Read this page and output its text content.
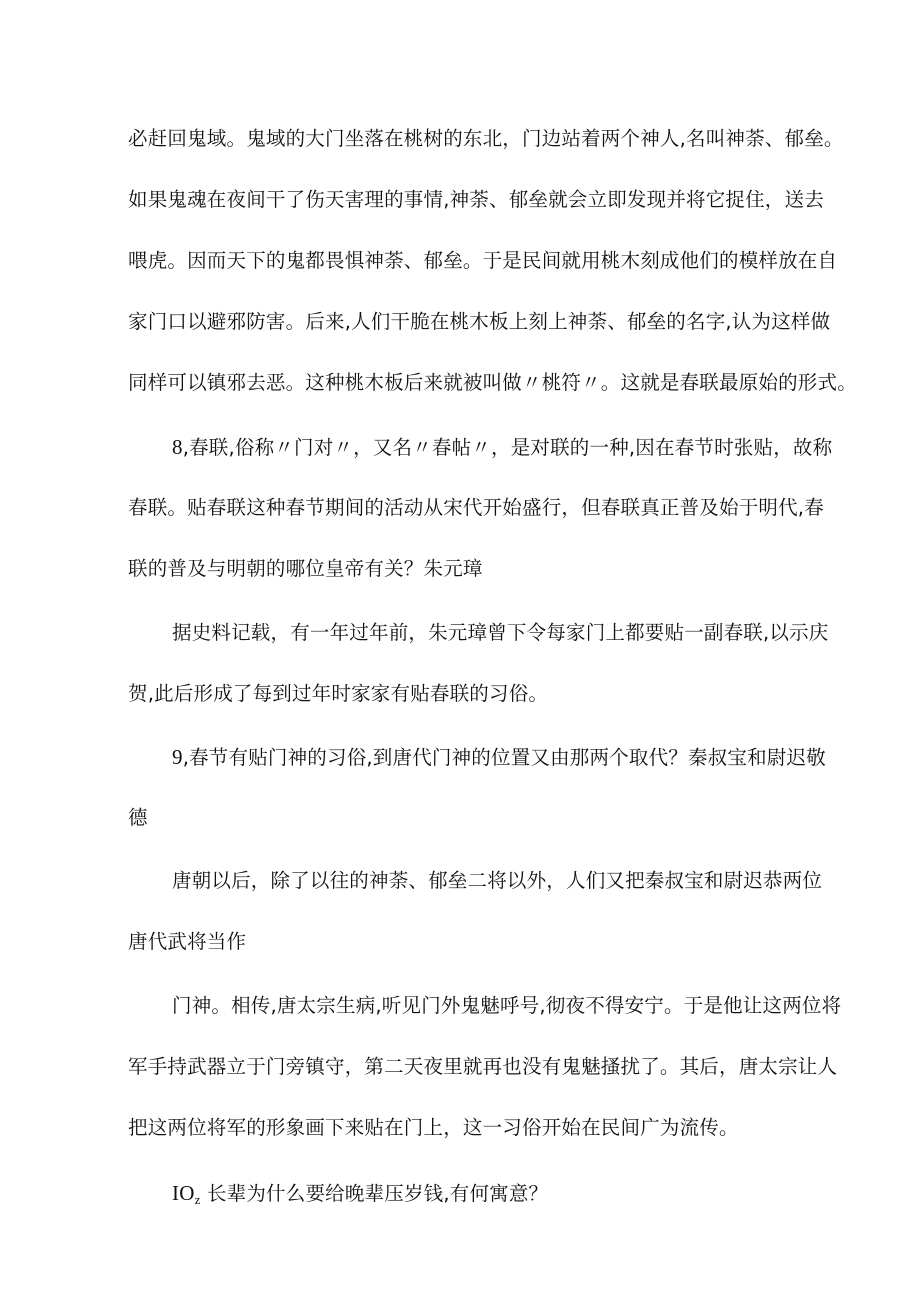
必赶回鬼域。鬼域的大门坐落在桃树的东北，门边站着两个神人,名叫神荼、郁垒。
如果鬼魂在夜间干了伤天害理的事情,神荼、郁垒就会立即发现并将它捉住，送去
喂虎。因而天下的鬼都畏惧神荼、郁垒。于是民间就用桃木刻成他们的模样放在自
家门口以避邪防害。后来,人们干脆在桃木板上刻上神荼、郁垒的名字,认为这样做
同样可以镇邪去恶。这种桃木板后来就被叫做〃桃符〃。这就是春联最原始的形式。
8,春联,俗称〃门对〃，又名〃春帖〃，是对联的一种,因在春节时张贴，故称
春联。贴春联这种春节期间的活动从宋代开始盛行，但春联真正普及始于明代,春
联的普及与明朝的哪位皇帝有关？朱元璋
据史料记载，有一年过年前，朱元璋曾下令每家门上都要贴一副春联,以示庆
贺,此后形成了每到过年时家家有贴春联的习俗。
9,春节有贴门神的习俗,到唐代门神的位置又由那两个取代？秦叔宝和尉迟敬
德
唐朝以后，除了以往的神荼、郁垒二将以外，人们又把秦叔宝和尉迟恭两位
唐代武将当作
门神。相传,唐太宗生病,听见门外鬼魅呼号,彻夜不得安宁。于是他让这两位将
军手持武器立于门旁镇守，第二天夜里就再也没有鬼魅搔扰了。其后，唐太宗让人
把这两位将军的形象画下来贴在门上，这一习俗开始在民间广为流传。
$IO_z$ 长辈为什么要给晚辈压岁钱,有何寓意？
